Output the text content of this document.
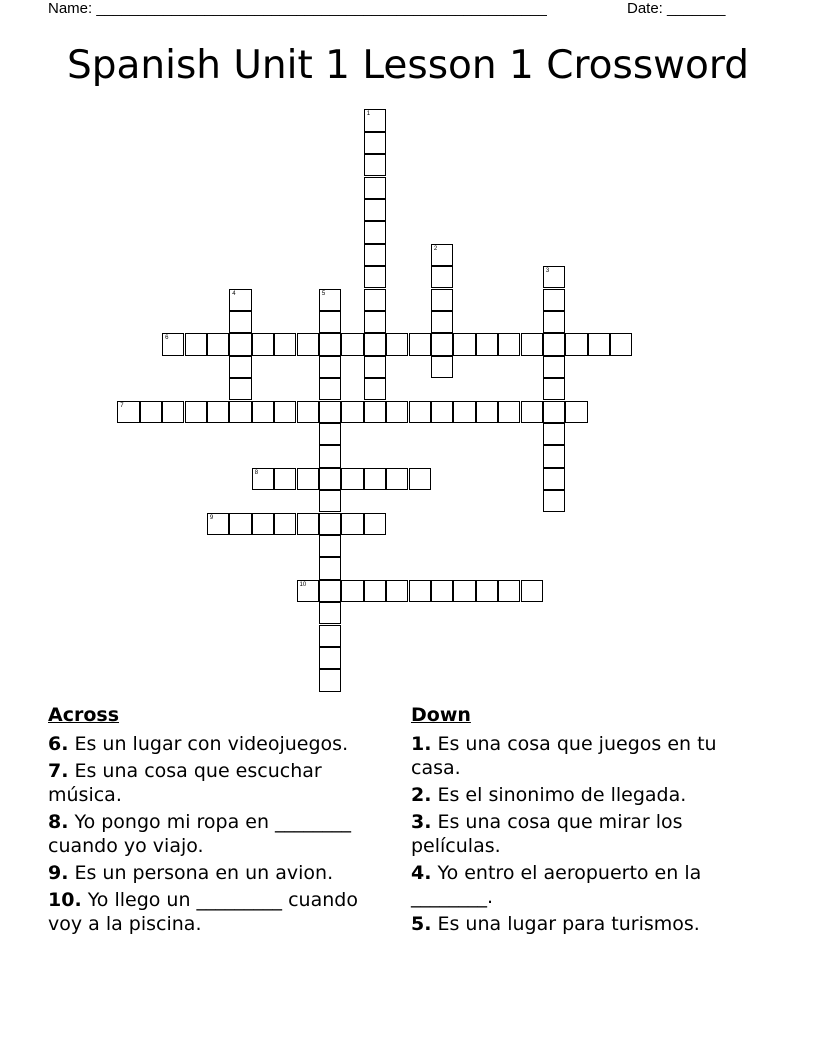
Name: ______________________________________________________	Date: _______
Spanish Unit 1 Lesson 1 Crossword
1
2
3
4	5
6
7
8
9
10
Across
6. Es un lugar con videojuegos.
7. Es una cosa que escuchar música.
8. Yo pongo mi ropa en ________ cuando yo viajo.
9. Es un persona en un avion.
10. Yo llego un _________ cuando voy a la piscina.
Down
1. Es una cosa que juegos en tu casa.
2. Es el sinonimo de llegada.
3. Es una cosa que mirar los películas.
4. Yo entro el aeropuerto en la ________.
5. Es una lugar para turismos.
